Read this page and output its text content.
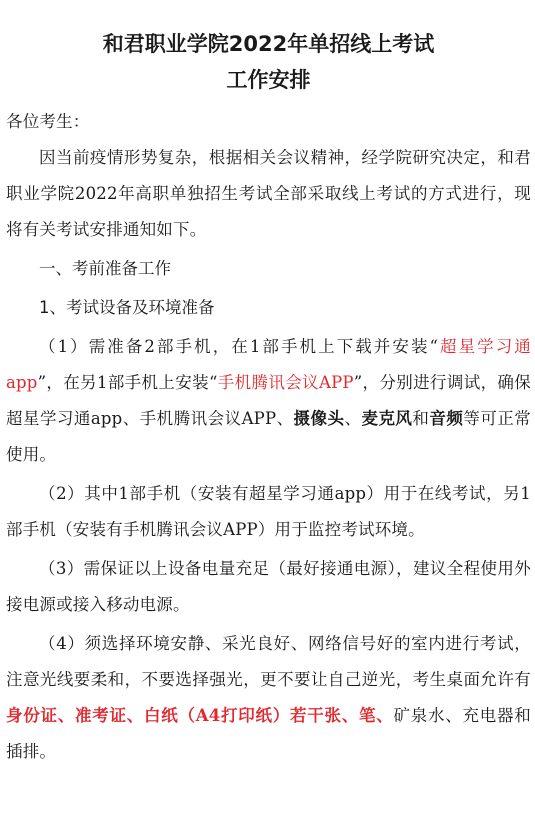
和君职业学院2022年单招线上考试
工作安排

各位考生：

因当前疫情形势复杂，根据相关会议精神，经学院研究决定，和君职业学院2022年高职单独招生考试全部采取线上考试的方式进行，现将有关考试安排通知如下。

一、考前准备工作
1、考试设备及环境准备

（1）需准备2部手机，在1部手机上下载并安装“超星学习通app”，在另1部手机上安装“手机腾讯会议APP”，分别进行调试，确保超星学习通app、手机腾讯会议APP、摄像头、麦克风和音频等可正常使用。

（2）其中1部手机（安装有超星学习通app）用于在线考试，另1部手机（安装有手机腾讯会议APP）用于监控考试环境。

（3）需保证以上设备电量充足（最好接通电源），建议全程使用外接电源或接入移动电源。

（4）须选择环境安静、采光良好、网络信号好的室内进行考试，注意光线要柔和，不要选择强光，更不要让自己逆光，考生桌面允许有身份证、准考证、白纸（A4打印纸）若干张、笔、矿泉水、充电器和插排。
